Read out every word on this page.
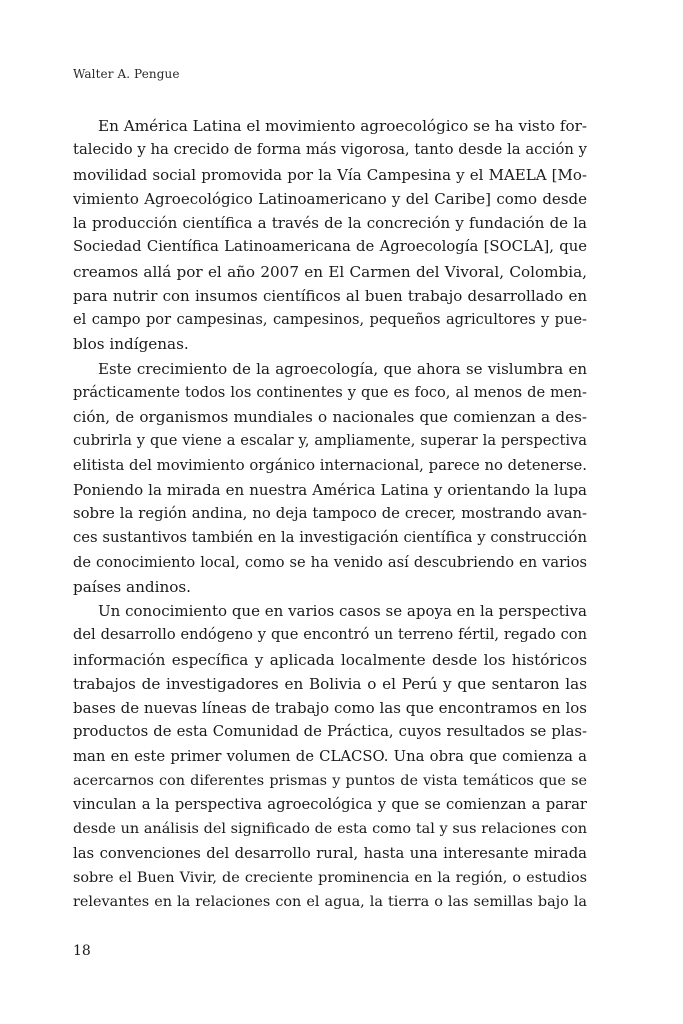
Walter A. Pengue
En América Latina el movimiento agroecológico se ha visto for-
talecido y ha crecido de forma más vigorosa, tanto desde la acción y
movilidad social promovida por la Vía Campesina y el MAELA [Mo-
vimiento Agroecológico Latinoamericano y del Caribe] como desde
la producción científica a través de la concreción y fundación de la
Sociedad Científica Latinoamericana de Agroecología [SOCLA], que
creamos allá por el año 2007 en El Carmen del Vivoral, Colombia,
para nutrir con insumos científicos al buen trabajo desarrollado en
el campo por campesinas, campesinos, pequeños agricultores y pue-
blos indígenas.
Este crecimiento de la agroecología, que ahora se vislumbra en
prácticamente todos los continentes y que es foco, al menos de men-
ción, de organismos mundiales o nacionales que comienzan a des-
cubrirla y que viene a escalar y, ampliamente, superar la perspectiva
elitista del movimiento orgánico internacional, parece no detenerse.
Poniendo la mirada en nuestra América Latina y orientando la lupa
sobre la región andina, no deja tampoco de crecer, mostrando avan-
ces sustantivos también en la investigación científica y construcción
de conocimiento local, como se ha venido así descubriendo en varios
países andinos.
Un conocimiento que en varios casos se apoya en la perspectiva
del desarrollo endógeno y que encontró un terreno fértil, regado con
información específica y aplicada localmente desde los históricos
trabajos de investigadores en Bolivia o el Perú y que sentaron las
bases de nuevas líneas de trabajo como las que encontramos en los
productos de esta Comunidad de Práctica, cuyos resultados se plas-
man en este primer volumen de CLACSO. Una obra que comienza a
acercarnos con diferentes prismas y puntos de vista temáticos que se
vinculan a la perspectiva agroecológica y que se comienzan a parar
desde un análisis del significado de esta como tal y sus relaciones con
las convenciones del desarrollo rural, hasta una interesante mirada
sobre el Buen Vivir, de creciente prominencia en la región, o estudios
relevantes en la relaciones con el agua, la tierra o las semillas bajo la
18
